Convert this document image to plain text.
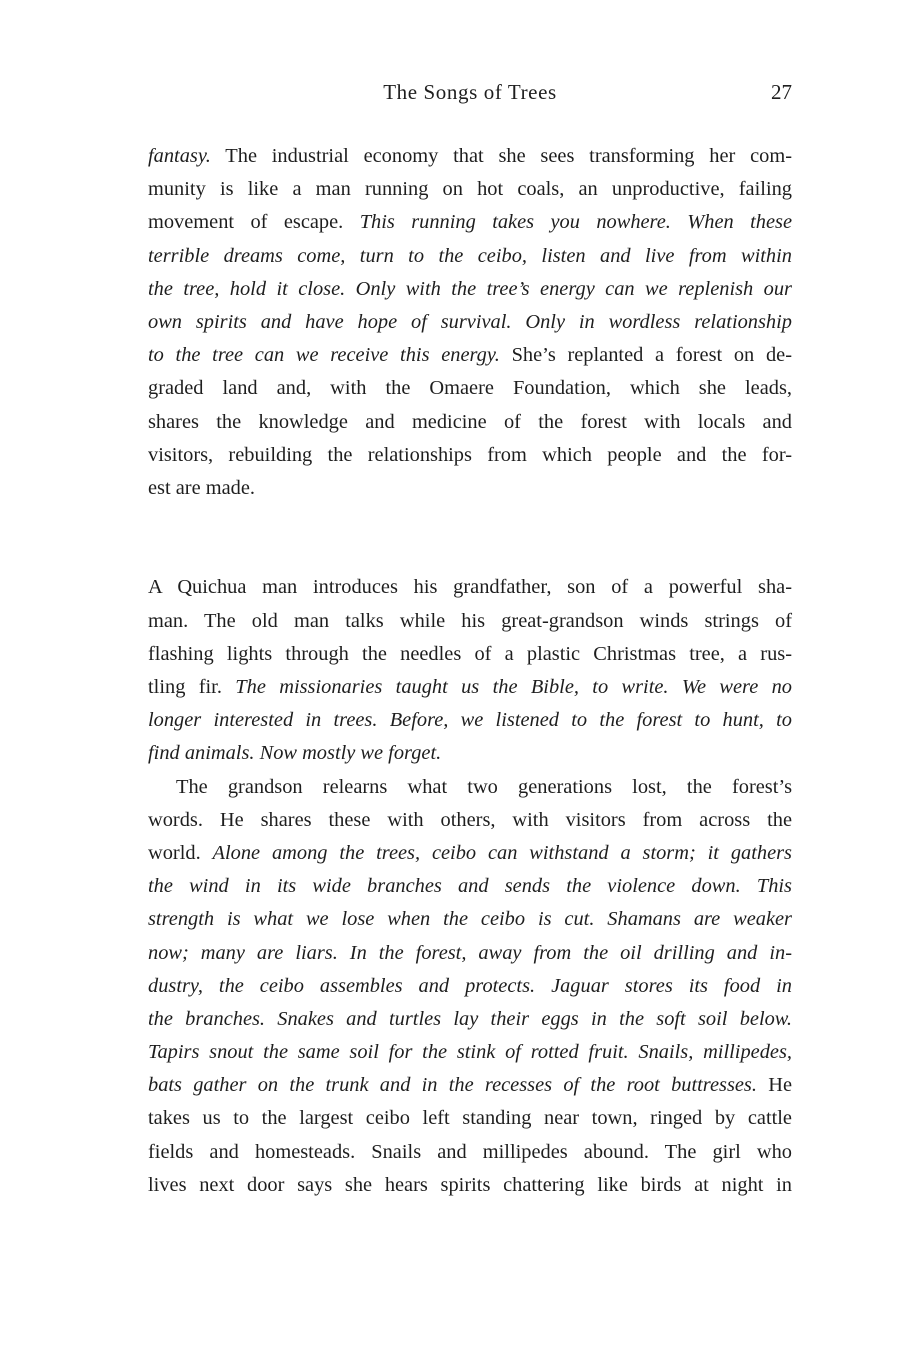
The Songs of Trees	27
fantasy. The industrial economy that she sees transforming her com-
munity is like a man running on hot coals, an unproductive, failing
movement of escape. This running takes you nowhere. When these
terrible dreams come, turn to the ceibo, listen and live from within
the tree, hold it close. Only with the tree’s energy can we replenish our
own spirits and have hope of survival. Only in wordless relationship
to the tree can we receive this energy. She’s replanted a forest on de-
graded land and, with the Omaere Foundation, which she leads,
shares the knowledge and medicine of the forest with locals and
visitors, rebuilding the relationships from which people and the for-
est are made.
A Quichua man introduces his grandfather, son of a powerful sha-
man. The old man talks while his great-grandson winds strings of
flashing lights through the needles of a plastic Christmas tree, a rus-
tling fir. The missionaries taught us the Bible, to write. We were no
longer interested in trees. Before, we listened to the forest to hunt, to
find animals. Now mostly we forget.
The grandson relearns what two generations lost, the forest’s
words. He shares these with others, with visitors from across the
world. Alone among the trees, ceibo can withstand a storm; it gathers
the wind in its wide branches and sends the violence down. This
strength is what we lose when the ceibo is cut. Shamans are weaker
now; many are liars. In the forest, away from the oil drilling and in-
dustry, the ceibo assembles and protects. Jaguar stores its food in
the branches. Snakes and turtles lay their eggs in the soft soil below.
Tapirs snout the same soil for the stink of rotted fruit. Snails, millipedes,
bats gather on the trunk and in the recesses of the root buttresses. He
takes us to the largest ceibo left standing near town, ringed by cattle
fields and homesteads. Snails and millipedes abound. The girl who
lives next door says she hears spirits chattering like birds at night in
